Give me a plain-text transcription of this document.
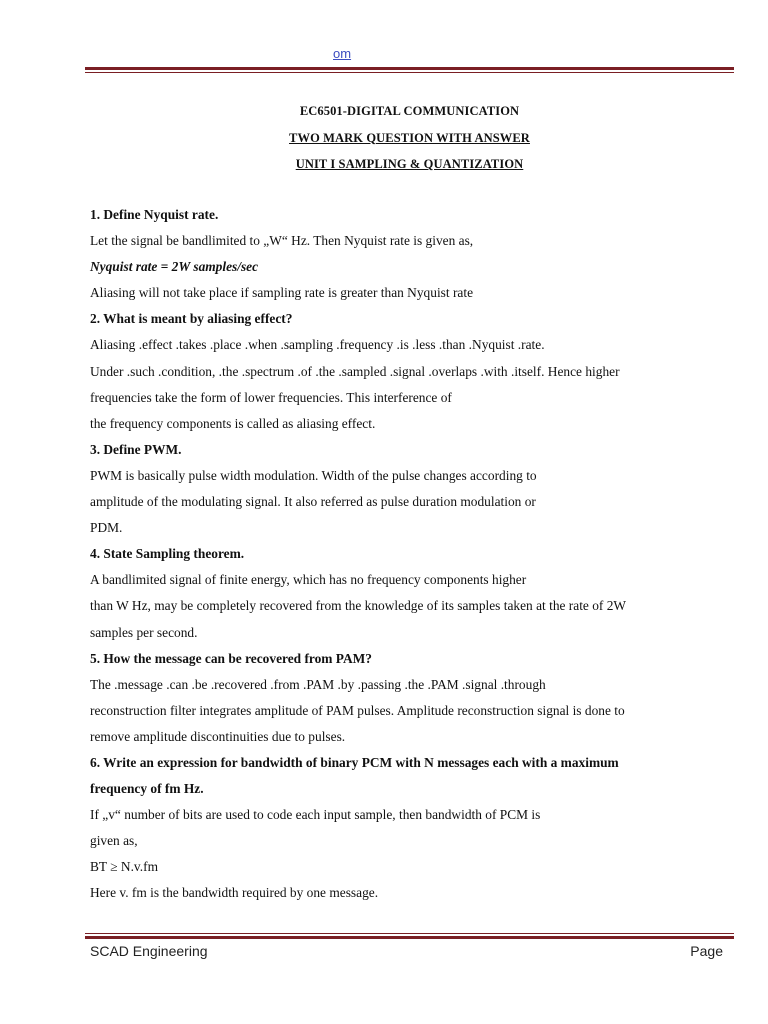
om
EC6501-DIGITAL COMMUNICATION
TWO MARK QUESTION WITH ANSWER
UNIT I SAMPLING & QUANTIZATION
1. Define Nyquist rate.
Let the signal be bandlimited to „W“ Hz. Then Nyquist rate is given as,
Nyquist rate = 2W samples/sec
Aliasing will not take place if sampling rate is greater than Nyquist rate
2. What is meant by aliasing effect?
Aliasing .effect .takes .place .when .sampling .frequency .is .less .than .Nyquist .rate.
Under .such .condition, .the .spectrum .of .the .sampled .signal .overlaps .with .itself. Hence higher
frequencies take the form of lower frequencies. This interference of
the frequency components is called as aliasing effect.
3. Define PWM.
PWM is basically pulse width modulation. Width of the pulse changes according to
amplitude of the modulating signal. It also referred as pulse duration modulation or
PDM.
4. State Sampling theorem.
A bandlimited signal of finite energy, which has no frequency components higher
than W Hz, may be completely recovered from the knowledge of its samples taken at the rate of 2W
samples per second.
5. How the message can be recovered from PAM?
The .message .can .be .recovered .from .PAM .by .passing .the .PAM .signal .through
reconstruction filter integrates amplitude of PAM pulses. Amplitude reconstruction signal is done to
remove amplitude discontinuities due to pulses.
6. Write an expression for bandwidth of binary PCM with N messages each with a maximum
frequency of fm Hz.
If „v“ number of bits are used to code each input sample, then bandwidth of PCM is
given as,
BT ≥ N.v.fm
Here v. fm is the bandwidth required by one message.
SCAD Engineering	Page
